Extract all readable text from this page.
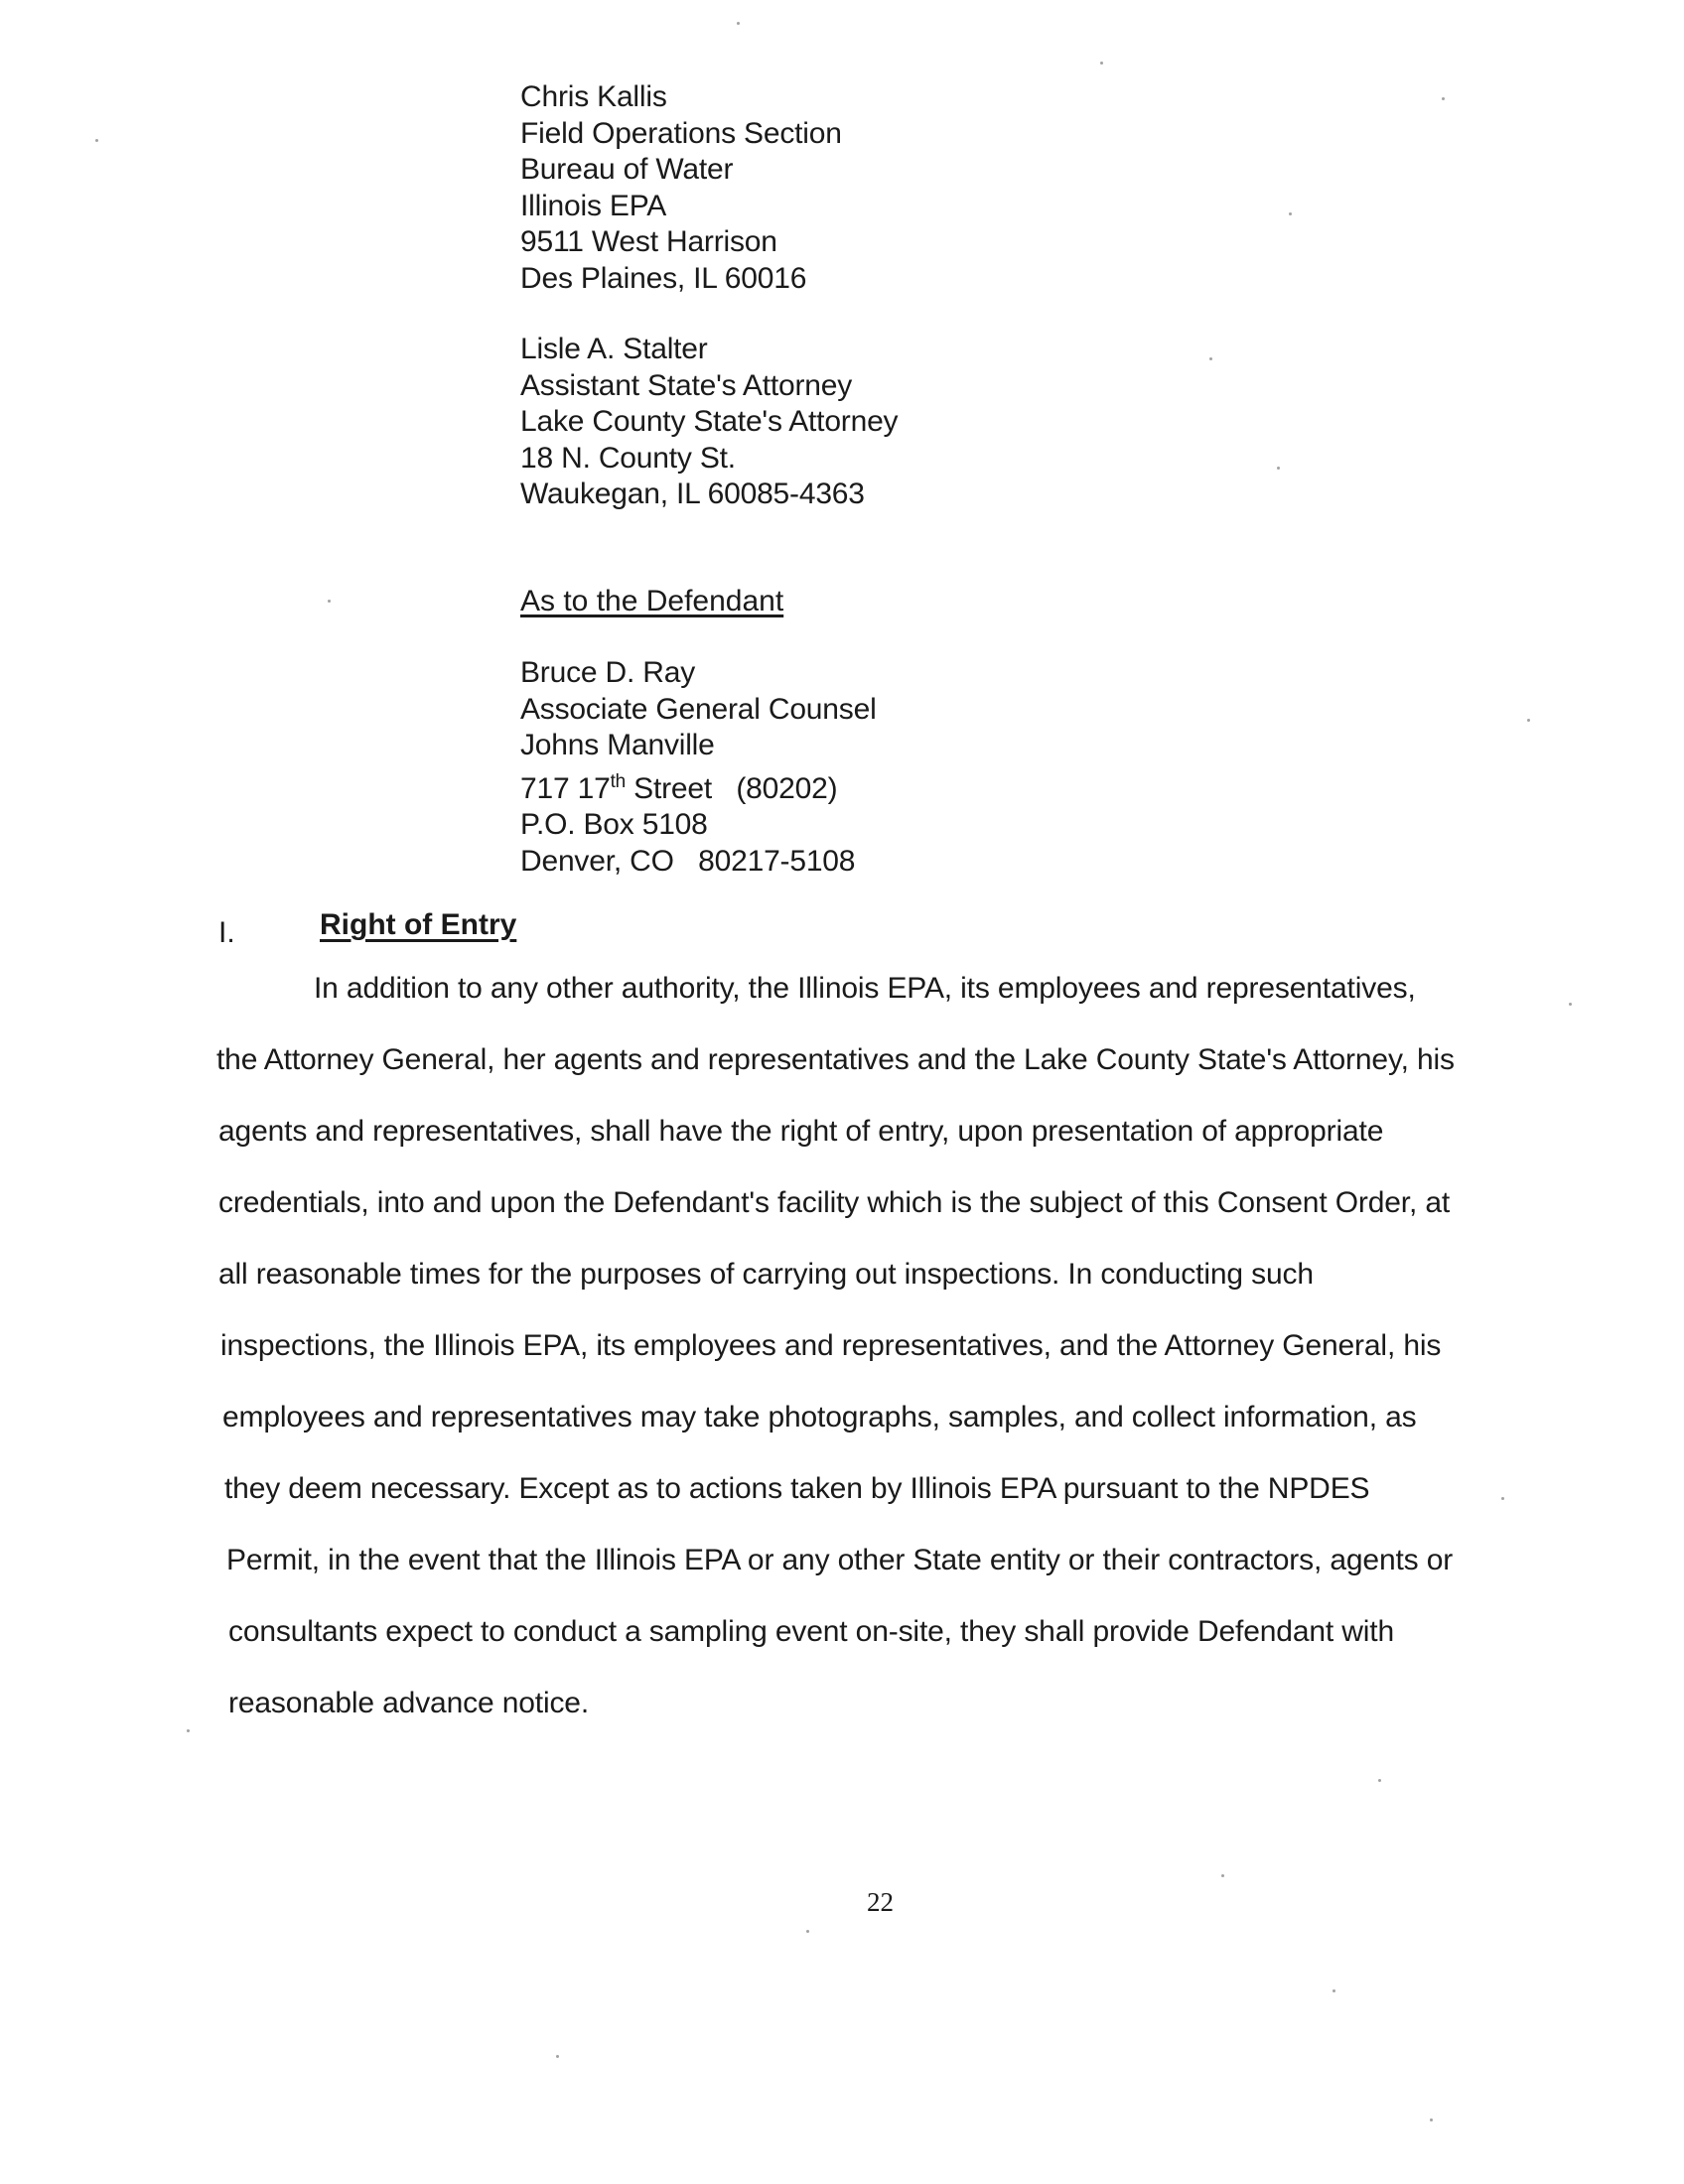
Chris Kallis
Field Operations Section
Bureau of Water
Illinois EPA
9511 West Harrison
Des Plaines, IL 60016
Lisle A. Stalter
Assistant State's Attorney
Lake County State's Attorney
18 N. County St.
Waukegan, IL 60085-4363
As to the Defendant
Bruce D. Ray
Associate General Counsel
Johns Manville
717 17th Street   (80202)
P.O. Box 5108
Denver, CO   80217-5108
I.	Right of Entry
In addition to any other authority, the Illinois EPA, its employees and representatives,
the Attorney General, her agents and representatives and the Lake County State's Attorney, his
agents and representatives, shall have the right of entry, upon presentation of appropriate
credentials, into and upon the Defendant's facility which is the subject of this Consent Order, at
all reasonable times for the purposes of carrying out inspections. In conducting such
inspections, the Illinois EPA, its employees and representatives, and the Attorney General, his
employees and representatives may take photographs, samples, and collect information, as
they deem necessary. Except as to actions taken by Illinois EPA pursuant to the NPDES
Permit, in the event that the Illinois EPA or any other State entity or their contractors, agents or
consultants expect to conduct a sampling event on-site, they shall provide Defendant with
reasonable advance notice.
22
